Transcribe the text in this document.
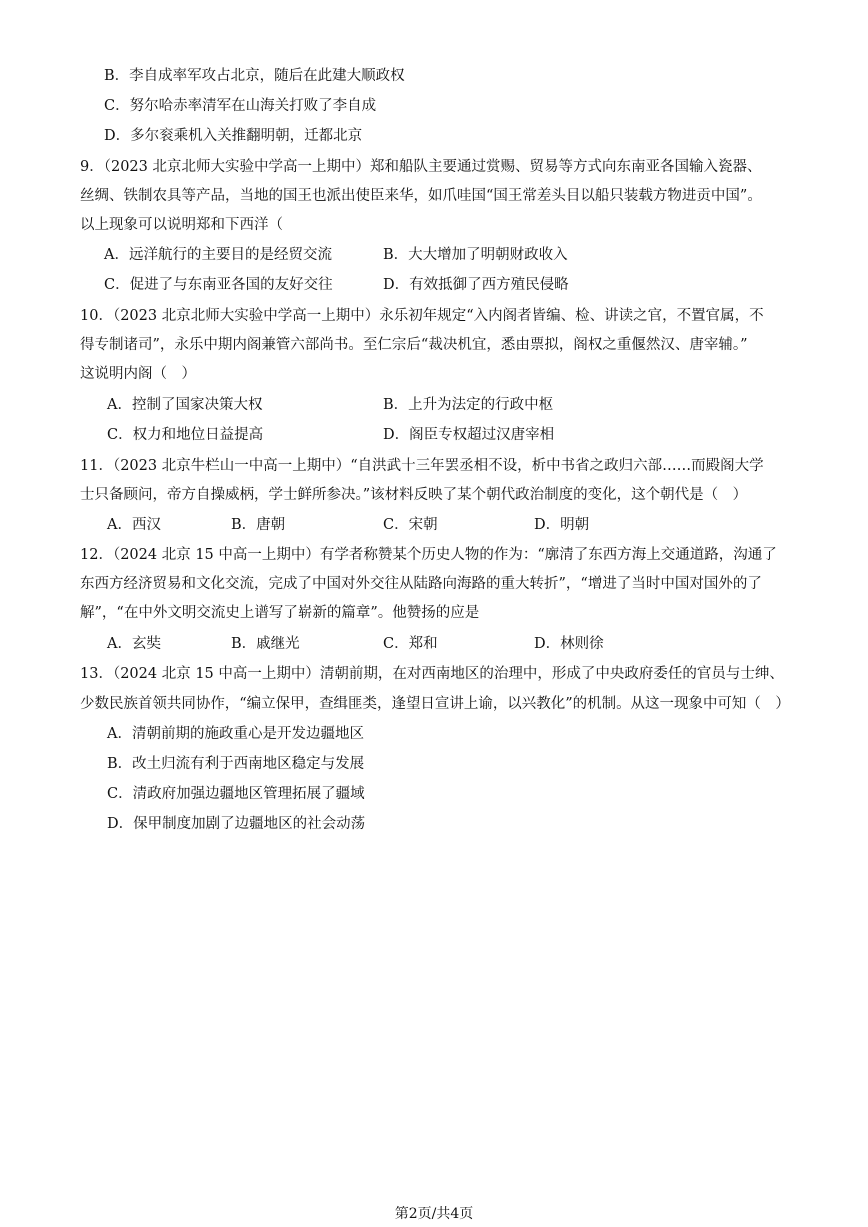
B．李自成率军攻占北京，随后在此建大顺政权
C．努尔哈赤率清军在山海关打败了李自成
D．多尔衮乘机入关推翻明朝，迁都北京
9．（2023 北京北师大实验中学高一上期中）郑和船队主要通过赏赐、贸易等方式向东南亚各国输入瓷器、
丝绸、铁制农具等产品，当地的国王也派出使臣来华，如爪哇国“国王常差头目以船只装载方物进贡中国”。
以上现象可以说明郑和下西洋（
A．远洋航行的主要目的是经贸交流	B．大大增加了明朝财政收入
C．促进了与东南亚各国的友好交往	D．有效抵御了西方殖民侵略
10．（2023 北京北师大实验中学高一上期中）永乐初年规定“入内阁者皆编、检、讲读之官，不置官属，不
得专制诸司”，永乐中期内阁兼管六部尚书。至仁宗后“裁决机宜，悉由票拟，阁权之重偃然汉、唐宰辅。”
这说明内阁（　）
A．控制了国家决策大权	B．上升为法定的行政中枢
C．权力和地位日益提高	D．阁臣专权超过汉唐宰相
11．（2023 北京牛栏山一中高一上期中）“自洪武十三年罢丞相不设，析中书省之政归六部……而殿阁大学
士只备顾问，帝方自操威柄，学士鲜所参决。”该材料反映了某个朝代政治制度的变化，这个朝代是（　）
A．西汉	B．唐朝	C．宋朝	D．明朝
12．（2024 北京 15 中高一上期中）有学者称赞某个历史人物的作为：“廓清了东西方海上交通道路，沟通了
东西方经济贸易和文化交流，完成了中国对外交往从陆路向海路的重大转折”，“增进了当时中国对国外的了
解”，“在中外文明交流史上谱写了崭新的篇章”。他赞扬的应是
A．玄奘	B．戚继光	C．郑和	D．林则徐
13．（2024 北京 15 中高一上期中）清朝前期，在对西南地区的治理中，形成了中央政府委任的官员与士绅、
少数民族首领共同协作，“编立保甲，查缉匪类，逢望日宣讲上谕，以兴教化”的机制。从这一现象中可知（　）
A．清朝前期的施政重心是开发边疆地区
B．改土归流有利于西南地区稳定与发展
C．清政府加强边疆地区管理拓展了疆域
D．保甲制度加剧了边疆地区的社会动荡
第2页/共4页
